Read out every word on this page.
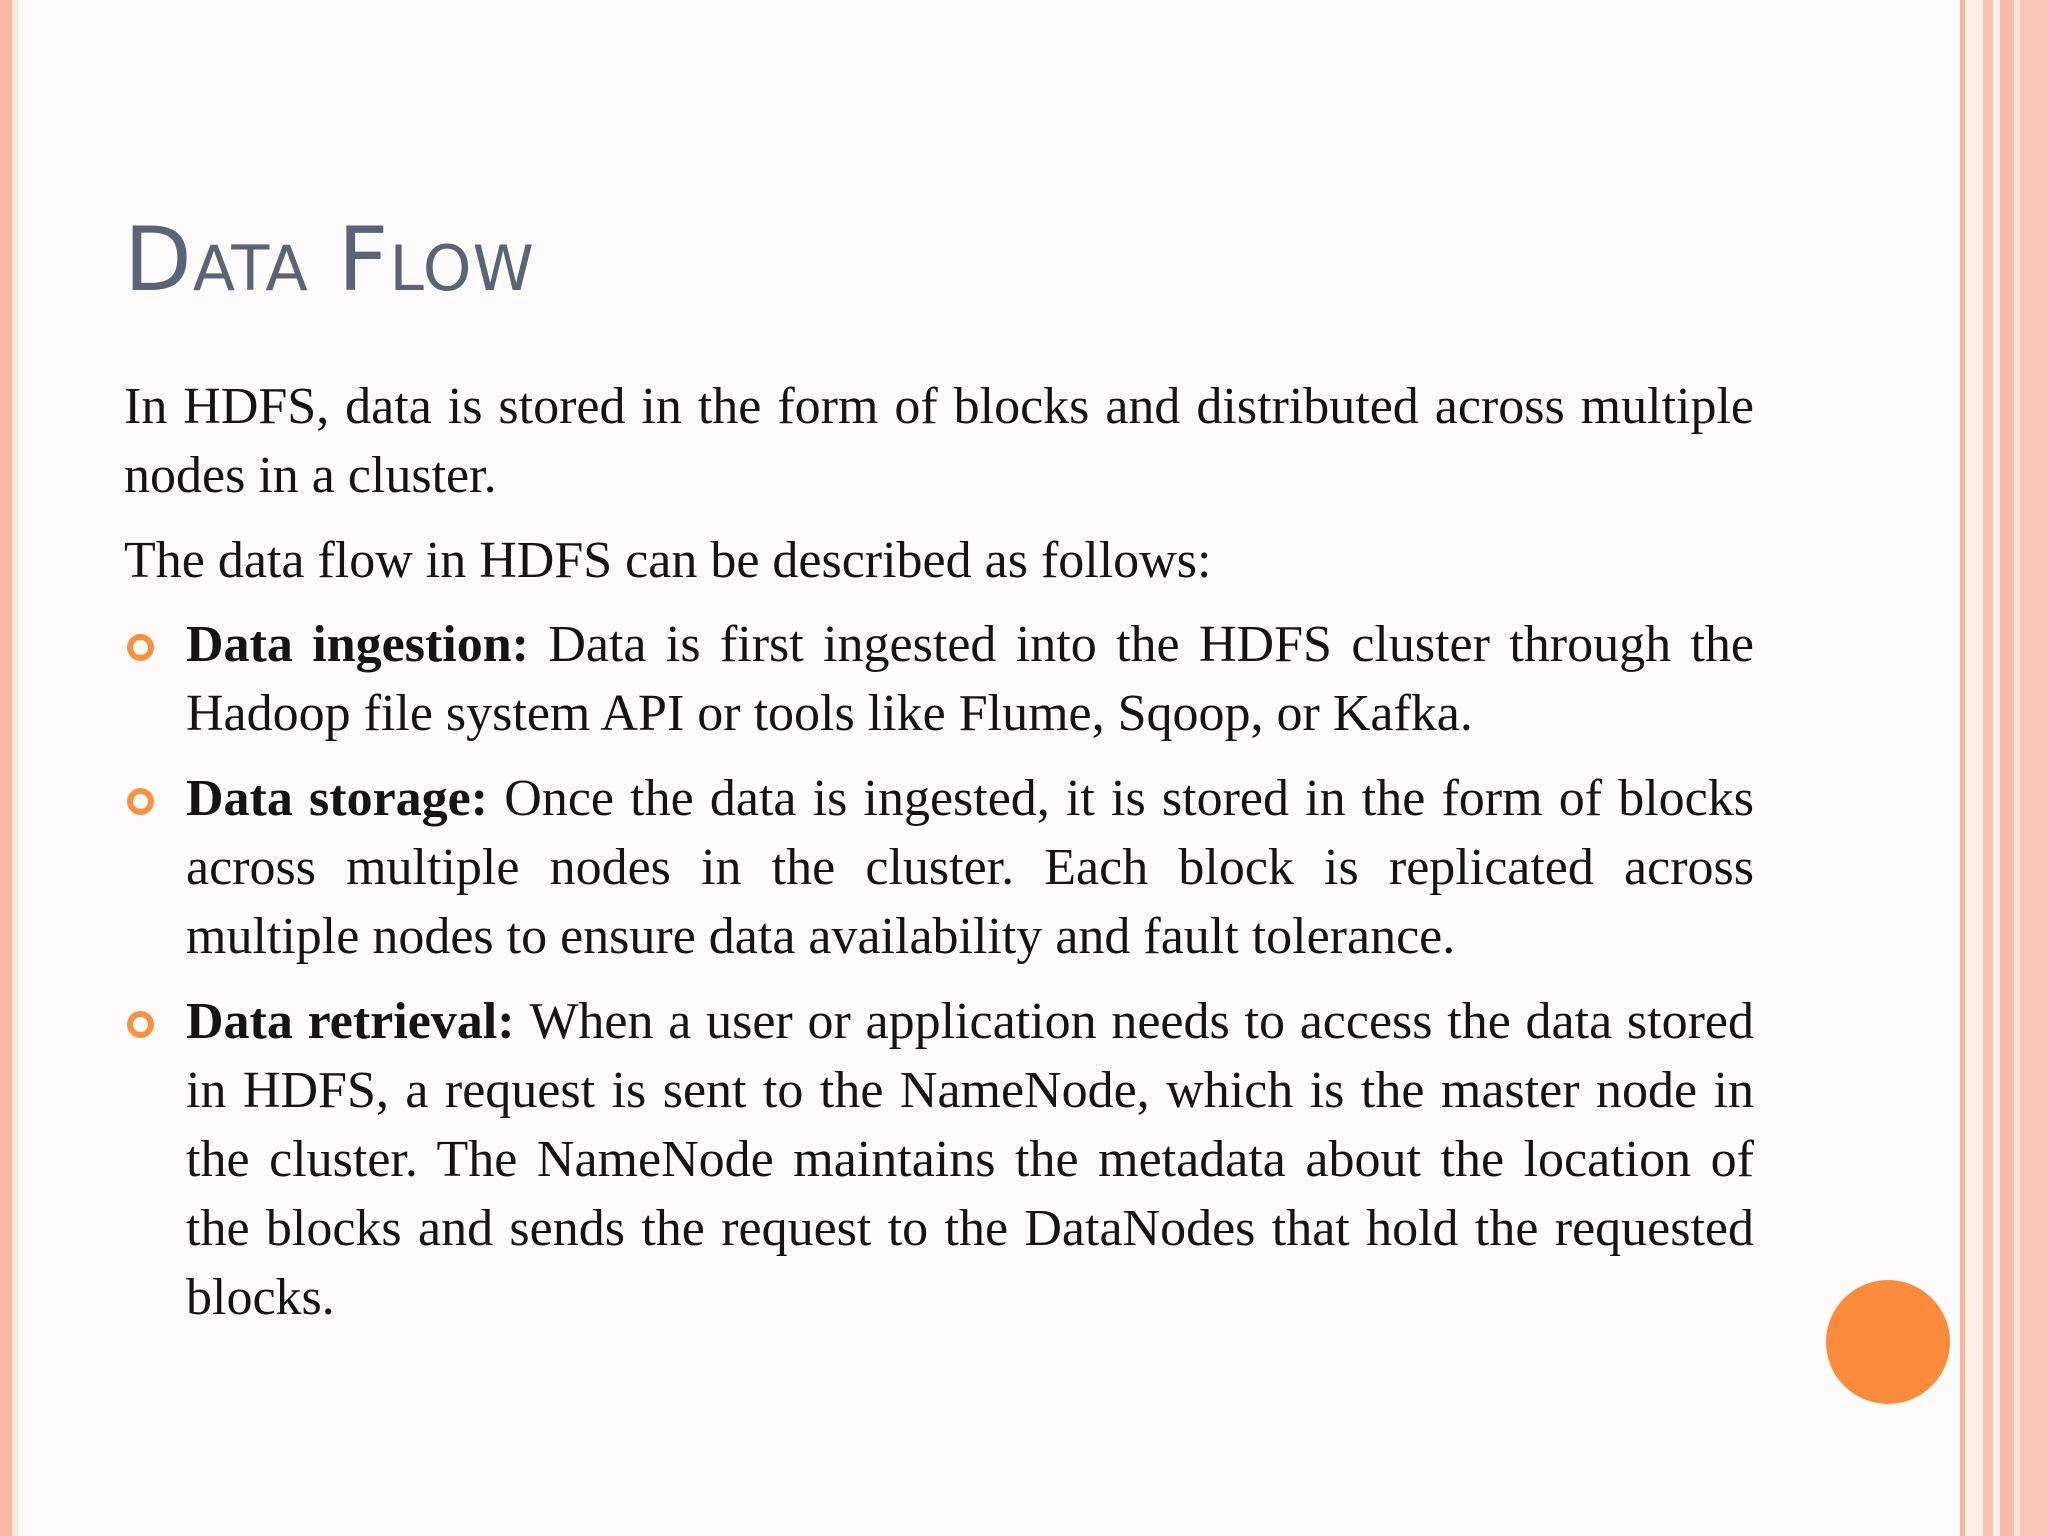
Data Flow

In HDFS, data is stored in the form of blocks and distributed across multiple nodes in a cluster.

The data flow in HDFS can be described as follows:

Data ingestion: Data is first ingested into the HDFS cluster through the Hadoop file system API or tools like Flume, Sqoop, or Kafka.
Data storage: Once the data is ingested, it is stored in the form of blocks across multiple nodes in the cluster. Each block is replicated across multiple nodes to ensure data availability and fault tolerance.
Data retrieval: When a user or application needs to access the data stored in HDFS, a request is sent to the NameNode, which is the master node in the cluster. The NameNode maintains the metadata about the location of the blocks and sends the request to the DataNodes that hold the requested blocks.
